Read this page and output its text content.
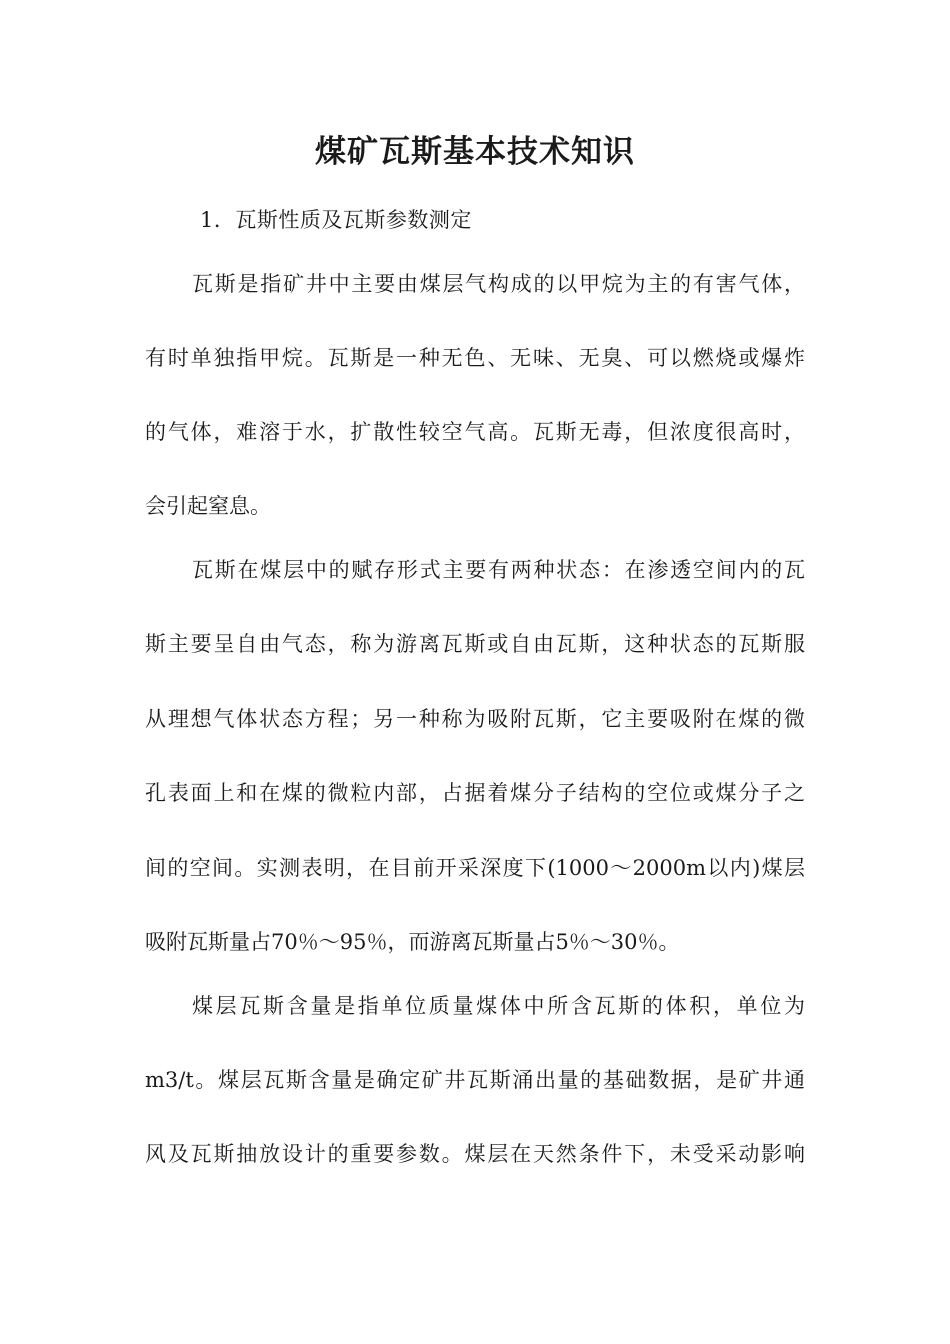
煤矿瓦斯基本技术知识

1．瓦斯性质及瓦斯参数测定

瓦斯是指矿井中主要由煤层气构成的以甲烷为主的有害气体，

有时单独指甲烷。瓦斯是一种无色、无味、无臭、可以燃烧或爆炸

的气体，难溶于水，扩散性较空气高。瓦斯无毒，但浓度很高时，

会引起窒息。

瓦斯在煤层中的赋存形式主要有两种状态：在渗透空间内的瓦

斯主要呈自由气态，称为游离瓦斯或自由瓦斯，这种状态的瓦斯服

从理想气体状态方程；另一种称为吸附瓦斯，它主要吸附在煤的微

孔表面上和在煤的微粒内部，占据着煤分子结构的空位或煤分子之

间的空间。实测表明，在目前开采深度下(1000～2000m以内)煤层

吸附瓦斯量占70％～95％，而游离瓦斯量占5％～30％。

煤层瓦斯含量是指单位质量煤体中所含瓦斯的体积，单位为

m3/t。煤层瓦斯含量是确定矿井瓦斯涌出量的基础数据，是矿井通

风及瓦斯抽放设计的重要参数。煤层在天然条件下，未受采动影响
